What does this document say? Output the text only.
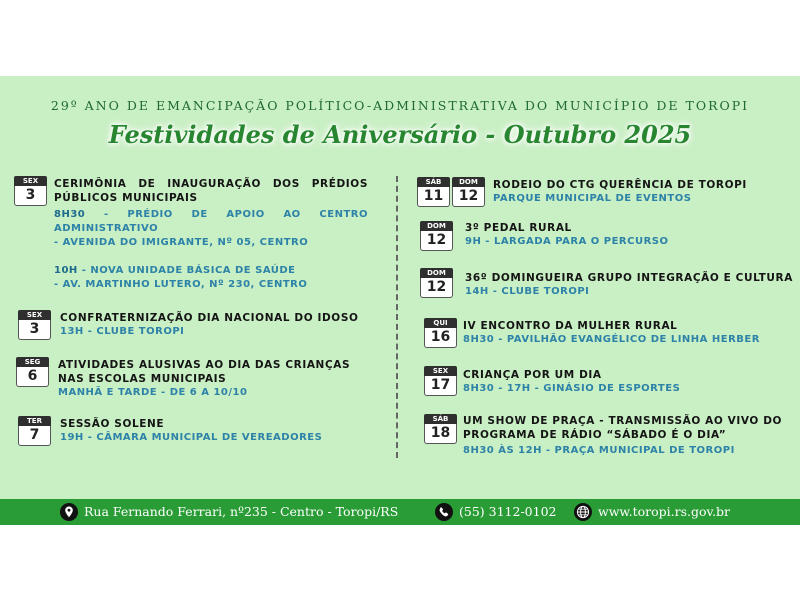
29º ANO DE EMANCIPAÇÃO POLÍTICO-ADMINISTRATIVA DO MUNICÍPIO DE TOROPI
Festividades de Aniversário - Outubro 2025
SEX
3
CERIMÔNIA DE INAUGURAÇÃO DOS PRÉDIOS PÚBLICOS MUNICIPAIS
8H30 - PRÉDIO DE APOIO AO CENTRO ADMINISTRATIVO
- AVENIDA DO IMIGRANTE, Nº 05, CENTRO
10H - NOVA UNIDADE BÁSICA DE SAÚDE
- AV. MARTINHO LUTERO, Nº 230, CENTRO
SEX
3
CONFRATERNIZAÇÃO DIA NACIONAL DO IDOSO
13H - CLUBE TOROPI
SEG
6
ATIVIDADES ALUSIVAS AO DIA DAS CRIANÇAS NAS ESCOLAS MUNICIPAIS
MANHÃ E TARDE - DE 6 A 10/10
TER
7
SESSÃO SOLENE
19H - CÂMARA MUNICIPAL DE VEREADORES
SÁB
11
DOM
12
RODEIO DO CTG QUERÊNCIA DE TOROPI
PARQUE MUNICIPAL DE EVENTOS
DOM
12
3º PEDAL RURAL
9H - LARGADA PARA O PERCURSO
DOM
12
36º DOMINGUEIRA GRUPO INTEGRAÇÃO E CULTURA
14H - CLUBE TOROPI
QUI
16
IV ENCONTRO DA MULHER RURAL
8H30 - PAVILHÃO EVANGÉLICO DE LINHA HERBER
SEX
17
CRIANÇA POR UM DIA
8H30 - 17H - GINÁSIO DE ESPORTES
SÁB
18
UM SHOW DE PRAÇA - TRANSMISSÃO AO VIVO DO PROGRAMA DE RÁDIO “SÁBADO É O DIA”
8H30 ÀS 12H - PRAÇA MUNICIPAL DE TOROPI
Rua Fernando Ferrari, nº235 - Centro - Toropi/RS	(55) 3112-0102	www.toropi.rs.gov.br
